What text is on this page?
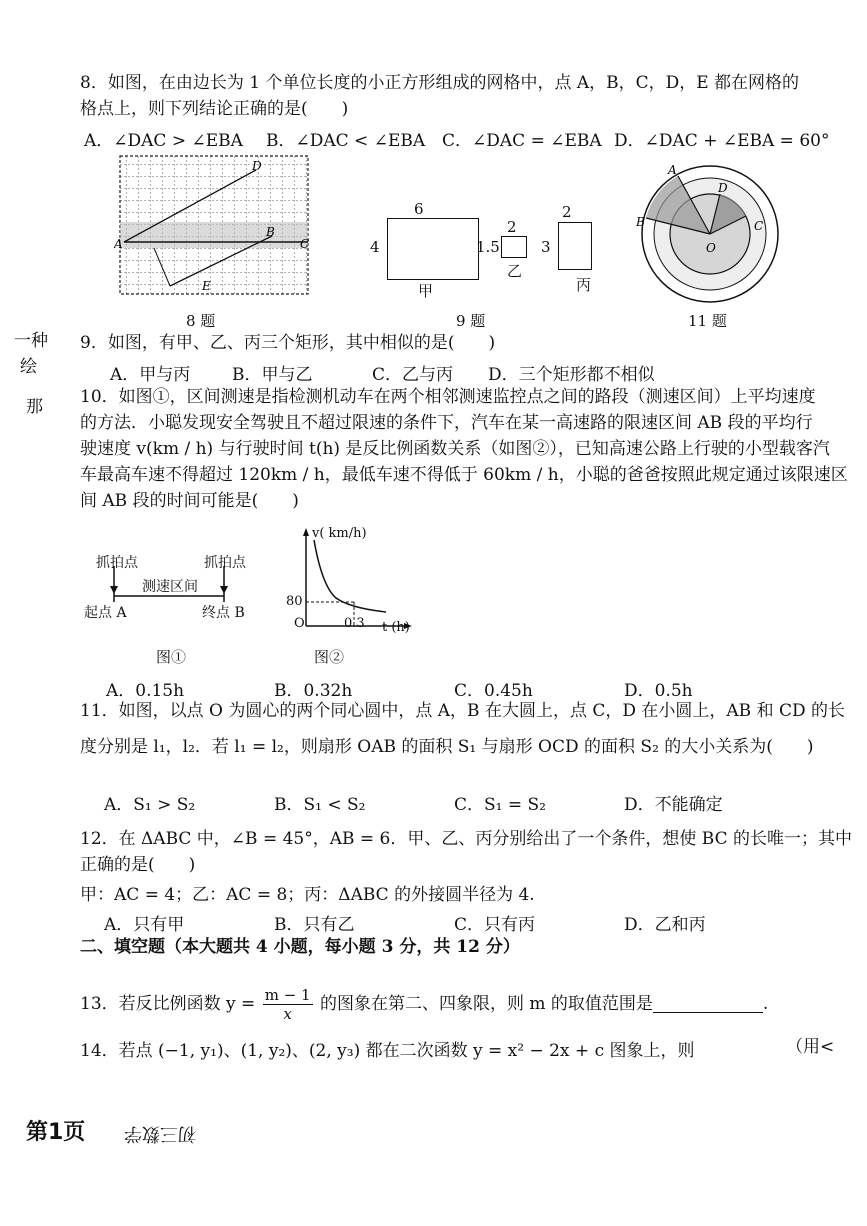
8．如图，在由边长为 1 个单位长度的小正方形组成的网格中，点 A，B，C，D，E 都在网格的
格点上，则下列结论正确的是(　　)
A．∠DAC > ∠EBA B．∠DAC < ∠EBA C．∠DAC = ∠EBA D．∠DAC + ∠EBA = 60°
D
A
B
C
E
8 题
6
4
甲
2
1.5
乙
2
3
丙
9 题
A
B
D
C
O
11 题
一种
绘
那
9．如图，有甲、乙、丙三个矩形，其中相似的是(　　)
A．甲与丙 B．甲与乙	C．乙与丙 D．三个矩形都不相似
10．如图①，区间测速是指检测机动车在两个相邻测速监控点之间的路段（测速区间）上平均速度
的方法．小聪发现安全驾驶且不超过限速的条件下，汽车在某一高速路的限速区间 AB 段的平均行
驶速度 v(km / h) 与行驶时间 t(h) 是反比例函数关系（如图②），已知高速公路上行驶的小型载客汽
车最高车速不得超过 120km / h，最低车速不得低于 60km / h，小聪的爸爸按照此规定通过该限速区
间 AB 段的时间可能是(　　)
抓拍点	抓拍点
测速区间
起点 A	终点 B
图①
v( km/h)
80
O	0.3 t (h)
图②
A．0.15h	B．0.32h	C．0.45h	D．0.5h
11．如图，以点 O 为圆心的两个同心圆中，点 A，B 在大圆上，点 C，D 在小圆上，AB 和 CD 的长
度分别是 l₁，l₂．若 l₁ = l₂，则扇形 OAB 的面积 S₁ 与扇形 OCD 的面积 S₂ 的大小关系为(　　)
A．S₁ > S₂	B．S₁ < S₂	C．S₁ = S₂	D．不能确定
12．在 ΔABC 中，∠B = 45°，AB = 6．甲、乙、丙分别给出了一个条件，想使 BC 的长唯一；其中
正确的是(　　)
甲：AC = 4；乙：AC = 8；丙：ΔABC 的外接圆半径为 4.
A．只有甲	B．只有乙	C．只有丙	D．乙和丙
二、填空题（本大题共 4 小题，每小题 3 分，共 12 分）
13．若反比例函数 $y = \frac{m - 1}{x}$ 的图象在第二、四象限，则 m 的取值范围是	.
14．若点 (−1, y₁)、(1, y₂)、(2, y₃) 都在二次函数 y = x² − 2x + c 图象上，则	（用<
第1页 初三数学
